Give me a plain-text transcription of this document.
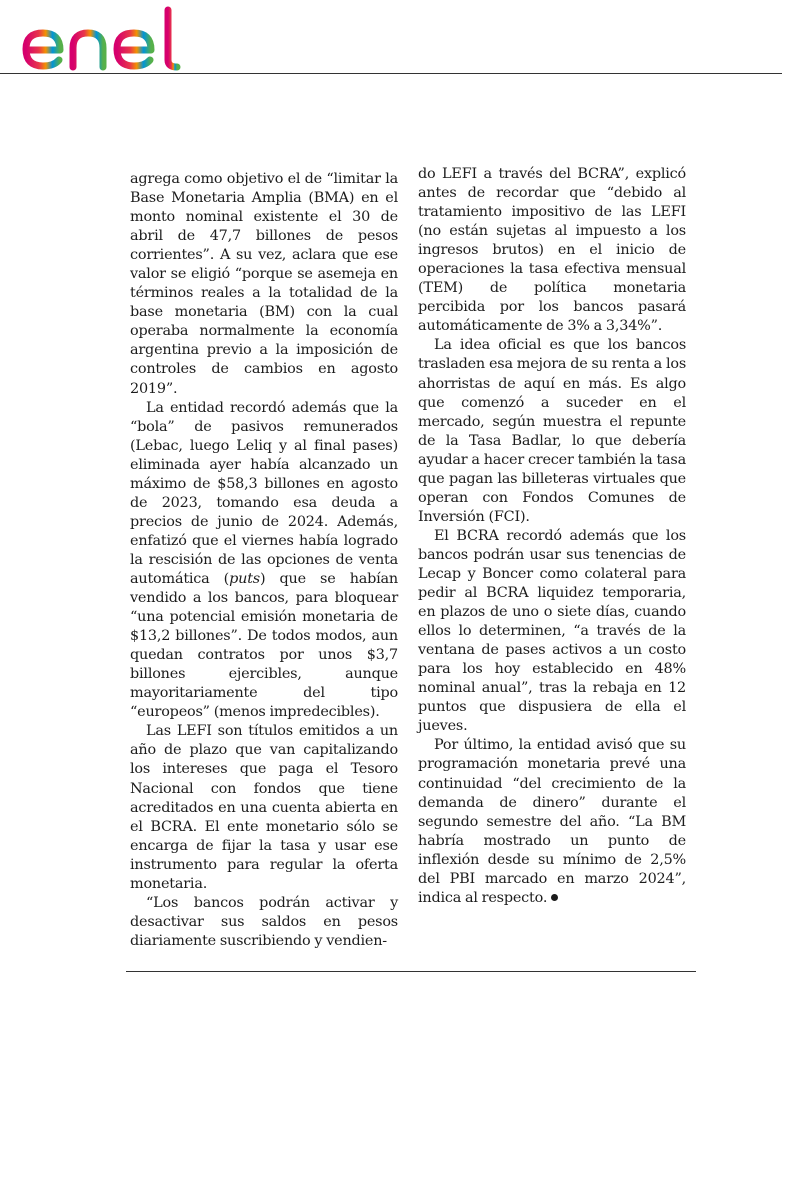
agrega como objetivo el de “limitar la Base Monetaria Amplia (BMA) en el monto nominal existente el 30 de abril de 47,7 billones de pesos corrientes”. A su vez, aclara que ese valor se eligió “porque se asemeja en términos reales a la totalidad de la base monetaria (BM) con la cual operaba normalmente la economía argentina previo a la imposición de controles de cambios en agosto 2019”.

La entidad recordó además que la “bola” de pasivos remunerados (Lebac, luego Leliq y al final pases) eliminada ayer había alcanzado un máximo de $58,3 billones en agosto de 2023, tomando esa deuda a precios de junio de 2024. Además, enfatizó que el viernes había logrado la rescisión de las opciones de venta automática (puts) que se habían vendido a los bancos, para bloquear “una potencial emisión monetaria de $13,2 billones”. De todos modos, aun quedan contratos por unos $3,7 billones ejercibles, aunque mayoritariamente del tipo “europeos” (menos impredecibles).

Las LEFI son títulos emitidos a un año de plazo que van capitalizando los intereses que paga el Tesoro Nacional con fondos que tiene acreditados en una cuenta abierta en el BCRA. El ente monetario sólo se encarga de fijar la tasa y usar ese instrumento para regular la oferta monetaria.

“Los bancos podrán activar y desactivar sus saldos en pesos diariamente suscribiendo y vendien-

do LEFI a través del BCRA”, explicó antes de recordar que “debido al tratamiento impositivo de las LEFI (no están sujetas al impuesto a los ingresos brutos) en el inicio de operaciones la tasa efectiva mensual (TEM) de política monetaria percibida por los bancos pasará automáticamente de 3% a 3,34%”.

La idea oficial es que los bancos trasladen esa mejora de su renta a los ahorristas de aquí en más. Es algo que comenzó a suceder en el mercado, según muestra el repunte de la Tasa Badlar, lo que debería ayudar a hacer crecer también la tasa que pagan las billeteras virtuales que operan con Fondos Comunes de Inversión (FCI).

El BCRA recordó además que los bancos podrán usar sus tenencias de Lecap y Boncer como colateral para pedir al BCRA liquidez temporaria, en plazos de uno o siete días, cuando ellos lo determinen, “a través de la ventana de pases activos a un costo para los hoy establecido en 48% nominal anual”, tras la rebaja en 12 puntos que dispusiera de ella el jueves.

Por último, la entidad avisó que su programación monetaria prevé una continuidad “del crecimiento de la demanda de dinero” durante el segundo semestre del año. “La BM habría mostrado un punto de inflexión desde su mínimo de 2,5% del PBI marcado en marzo 2024”, indica al respecto.
